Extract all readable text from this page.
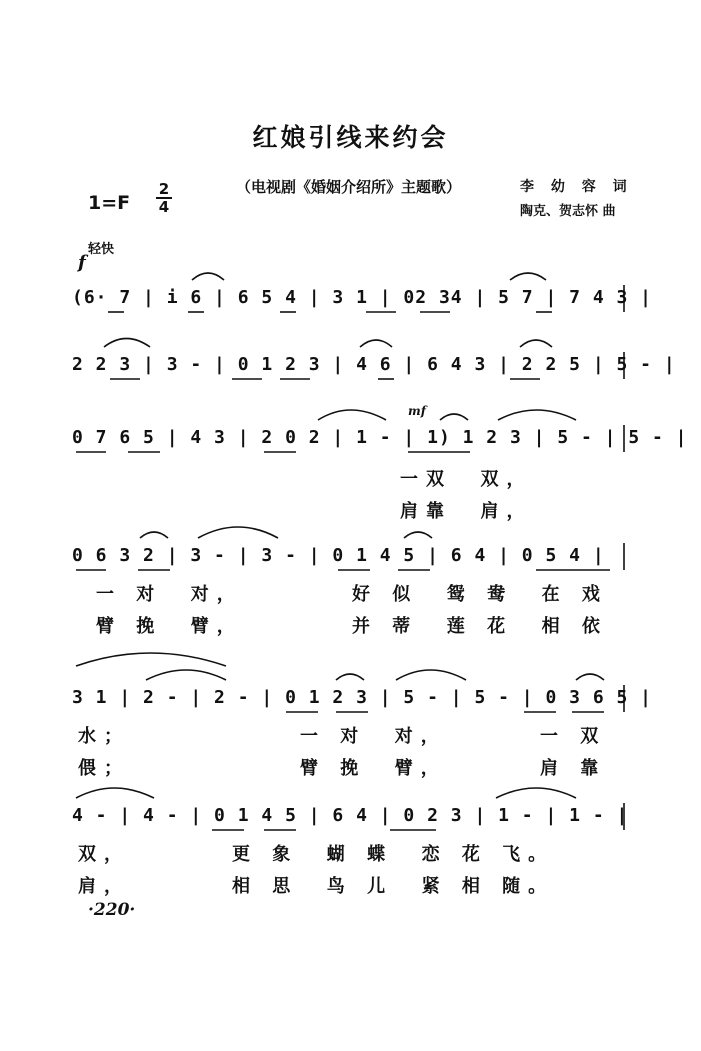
红娘引线来约会
1=F
2
4
（电视剧《婚姻介绍所》主题歌）	李 幼 容 词
陶克、贺志怀 曲
轻快
f
mf
(6· 7 | i 6 | 6 5 4 | 3 1 | 02 34 | 5 7 | 7 4 3 |
2 2 3 | 3 - | 0 1 2 3 | 4 6 | 6 4 3 | 2 2 5 | 5 - |
0 7 6 5 | 4 3 | 2 0 2 | 1 - | 1) 1 2 3 | 5 - | 5 - |
一双  双，
肩靠  肩，
0 6 3 2 | 3 - | 3 - | 0 1 4 5 | 6 4 | 0 5 4 |
一 对  对，	好 似  鸳 鸯  在 戏
臂 挽  臂，	并 蒂  莲 花  相 依
3 1 | 2 - | 2 - | 0 1 2 3 | 5 - | 5 - | 0 3 6 5 |
水；	一 对  对，	一 双
偎；	臂 挽  臂，	肩 靠
4 - | 4 - | 0 1 4 5 | 6 4 | 0 2 3 | 1 - | 1 - |
双，	更 象  蝴 蝶  恋 花 飞。
肩，	相 思  鸟 儿  紧 相 随。
·220·
